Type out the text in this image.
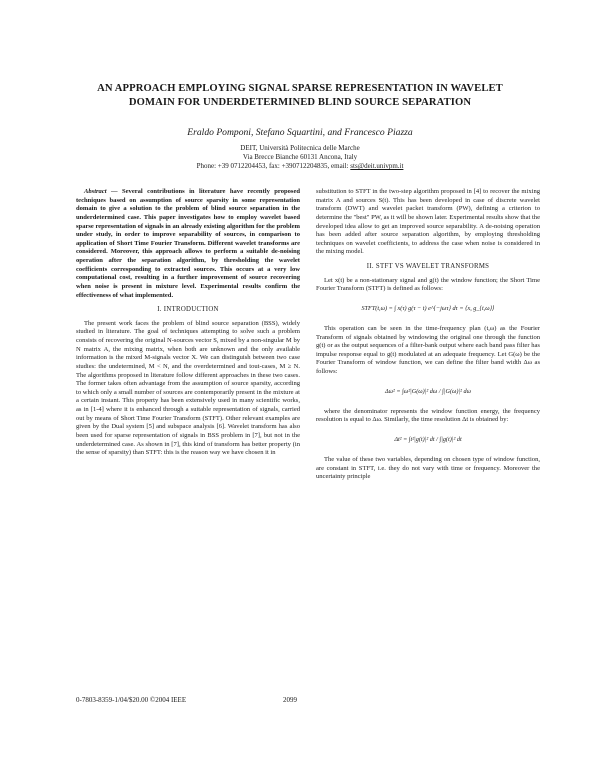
AN APPROACH EMPLOYING SIGNAL SPARSE REPRESENTATION IN WAVELET
DOMAIN FOR UNDERDETERMINED BLIND SOURCE SEPARATION
Eraldo Pomponi, Stefano Squartini, and Francesco Piazza
DEIT, Università Politecnica delle Marche
Via Brecce Bianche 60131 Ancona, Italy
Phone: +39 0712204453, fax: +390712204835, email: sts@deit.univpm.it

Abstract — Several contributions in literature have recently proposed techniques based on assumption of source sparsity in some representation domain to give a solution to the problem of blind source separation in the underdetermined case. This paper investigates how to employ wavelet based sparse representation of signals in an already existing algorithm for the problem under study, in order to improve separability of sources, in comparison to application of Short Time Fourier Transform. Different wavelet transforms are considered. Moreover, this approach allows to perform a suitable de-noising operation after the separation algorithm, by thresholding the wavelet coefficients corresponding to extracted sources. This occurs at a very low computational cost, resulting in a further improvement of source recovering when noise is present in mixture level. Experimental results confirm the effectiveness of what implemented.

I. INTRODUCTION

The present work faces the problem of blind source separation (BSS), widely studied in literature. The goal of techniques attempting to solve such a problem consists of recovering the original N-sources vector S, mixed by a non-singular M by N matrix A, the mixing matrix, when both are unknown and the only available information is the mixed M-signals vector X. We can distinguish between two case studies: the undetermined, M < N, and the overdetermined and tout-cases, M ≥ N. The algorithms proposed in literature follow different approaches in these two cases. The former takes often advantage from the assumption of source sparsity, according to which only a small number of sources are contemporarily present in the mixture at a certain instant. This property has been extensively used in many scientific works, as in [1-4] where it is enhanced through a suitable representation of signals, carried out by means of Short Time Fourier Transform (STFT). Other relevant examples are given by the Dual system [5] and subspace analysis [6]. Wavelet transform has also been used for sparse representation of signals in BSS problem in [7], but not in the underdetermined case. As shown in [7], this kind of transform has better property (in the sense of sparsity) than STFT: this is the reason way we have chosen it in

substitution to STFT in the two-step algorithm proposed in [4] to recover the mixing matrix A and sources S(t). This has been developed in case of discrete wavelet transform (DWT) and wavelet packet transform (PW), defining a criterion to determine the "best" PW, as it will be shown later. Experimental results show that the developed idea allow to get an improved source separability. A de-noising operation has been added after source separation algorithm, by employing thresholding techniques on wavelet coefficients, to address the case when noise is considered in the mixing model.

II. STFT VS WAVELET TRANSFORMS

Let x(t) be a non-stationary signal and g(t) the window function; the Short Time Fourier Transform (STFT) is defined as follows:

STFT(t,ω) = ∫ x(τ) g(τ − t) e^{−jωτ} dτ = ⟨x, g_{t,ω}⟩

This operation can be seen in the time-frequency plan (t,ω) as the Fourier Transform of signals obtained by windowing the original one through the function g(t) or as the output sequences of a filter-bank output where each band pass filter has impulse response equal to g(t) modulated at an adequate frequency. Let G(ω) be the Fourier Transform of window function, we can define the filter band width Δω as follows:

Δω² = ∫ω²|G(ω)|² dω / ∫|G(ω)|² dω

where the denominator represents the window function energy, the frequency resolution is equal to Δω. Similarly, the time resolution Δt is obtained by:

Δt² = ∫t²|g(t)|² dt / ∫|g(t)|² dt

The value of these two variables, depending on chosen type of window function, are constant in STFT, i.e. they do not vary with time or frequency. Moreover the uncertainty principle

0-7803-8359-1/04/$20.00 ©2004 IEEE	2099
